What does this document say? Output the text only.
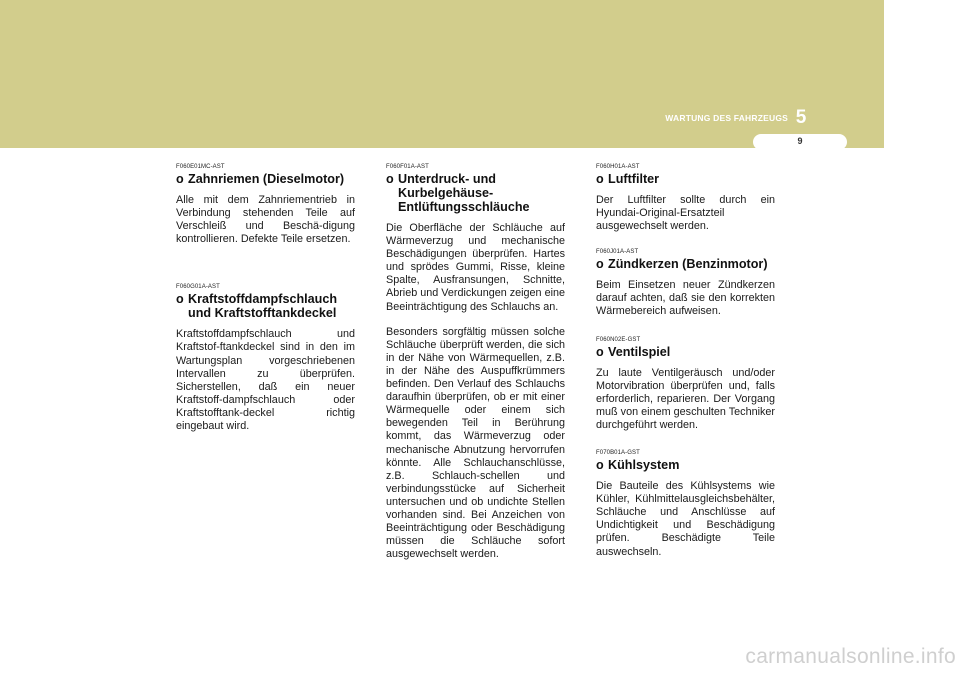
WARTUNG DES FAHRZEUGS 5
9
F060E01MC-AST
o Zahnriemen (Dieselmotor)

Alle mit dem Zahnriementrieb in Verbindung stehenden Teile auf Verschleiß und Beschä-digung kontrollieren. Defekte Teile ersetzen.

F060G01A-AST
o Kraftstoffdampfschlauch und Kraftstofftankdeckel

Kraftstoffdampfschlauch und Kraftstof-ftankdeckel sind in den im Wartungsplan vorgeschriebenen Intervallen zu überprüfen. Sicherstellen, daß ein neuer Kraftstoff-dampfschlauch oder Kraftstofftank-deckel richtig eingebaut wird.

F060F01A-AST
o Unterdruck- und Kurbelgehäuse-Entlüftungsschläuche

Die Oberfläche der Schläuche auf Wärmeverzug und mechanische Beschädigungen überprüfen. Hartes und sprödes Gummi, Risse, kleine Spalte, Ausfransungen, Schnitte, Abrieb und Verdickungen zeigen eine Beeinträchtigung des Schlauchs an.

Besonders sorgfältig müssen solche Schläuche überprüft werden, die sich in der Nähe von Wärmequellen, z.B. in der Nähe des Auspuffkrümmers befinden. Den Verlauf des Schlauchs daraufhin überprüfen, ob er mit einer Wärmequelle oder einem sich bewegenden Teil in Berührung kommt, das Wärmeverzug oder mechanische Abnutzung hervorrufen könnte. Alle Schlauchanschlüsse, z.B. Schlauch-schellen und verbindungsstücke auf Sicherheit untersuchen und ob undichte Stellen vorhanden sind. Bei Anzeichen von Beeinträchtigung oder Beschädigung müssen die Schläuche sofort ausgewechselt werden.

F060H01A-AST
o Luftfilter

Der Luftfilter sollte durch ein Hyundai-Original-Ersatzteil ausgewechselt werden.

F060J01A-AST
o Zündkerzen (Benzinmotor)

Beim Einsetzen neuer Zündkerzen darauf achten, daß sie den korrekten Wärmebereich aufweisen.

F060N02E-GST
o Ventilspiel

Zu laute Ventilgeräusch und/oder Motorvibration überprüfen und, falls erforderlich, reparieren. Der Vorgang muß von einem geschulten Techniker durchgeführt werden.

F070B01A-GST
o Kühlsystem

Die Bauteile des Kühlsystems wie Kühler, Kühlmittelausgleichsbehälter, Schläuche und Anschlüsse auf Undichtigkeit und Beschädigung prüfen. Beschädigte Teile auswechseln.

carmanualsonline.info
